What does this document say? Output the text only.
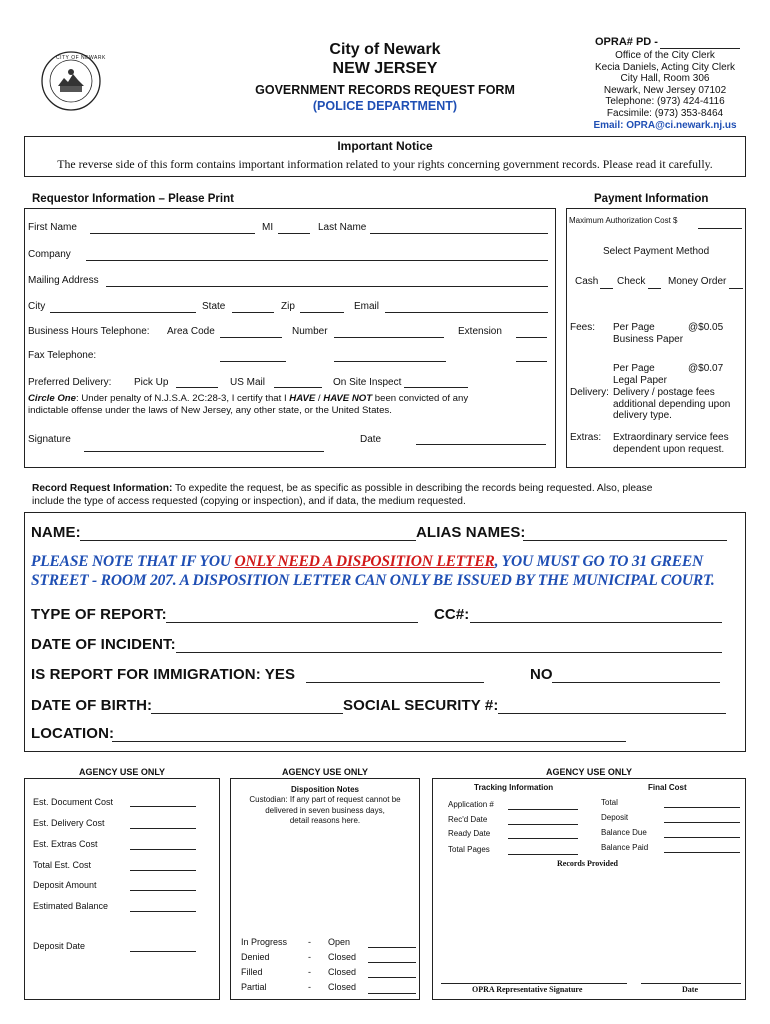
CITY OF NEWARK	City of Newark
NEW JERSEY
GOVERNMENT RECORDS REQUEST FORM
(POLICE DEPARTMENT)
OPRA# PD -
Office of the City Clerk
Kecia Daniels, Acting City Clerk
City Hall, Room 306
Newark, New Jersey 07102
Telephone: (973) 424-4116
Facsimile: (973) 353-8464
Email: OPRA@ci.newark.nj.us
Important Notice
The reverse side of this form contains important information related to your rights concerning government records. Please read it carefully.
Requestor Information – Please Print
First Name	MI	Last Name
Company
Mailing Address
City	State	Zip	Email
Business Hours Telephone: Area Code	Number	Extension
Fax Telephone:
Preferred Delivery: Pick Up	US Mail	On Site Inspect
Circle One: Under penalty of N.J.S.A. 2C:28-3, I certify that I HAVE / HAVE NOT been convicted of any
indictable offense under the laws of New Jersey, any other state, or the United States.
Signature	Date
Payment Information
Maximum Authorization Cost $
Select Payment Method
Cash Check Money Order
Fees: Per Page	@$0.05
Business Paper
Per Page	@$0.07
Legal Paper
Delivery: Delivery / postage fees
additional depending upon
delivery type.
Extras: Extraordinary service fees
dependent upon request.
Record Request Information: To expedite the request, be as specific as possible in describing the records being requested. Also, please
include the type of access requested (copying or inspection), and if data, the medium requested.
NAME:	ALIAS NAMES:
PLEASE NOTE THAT IF YOU ONLY NEED A DISPOSITION LETTER, YOU MUST GO TO 31 GREEN
STREET - ROOM 207. A DISPOSITION LETTER CAN ONLY BE ISSUED BY THE MUNICIPAL COURT.
TYPE OF REPORT:	CC#:
DATE OF INCIDENT:
IS REPORT FOR IMMIGRATION: YES	NO
DATE OF BIRTH:	SOCIAL SECURITY #:
LOCATION:
AGENCY USE ONLY
Est. Document Cost
Est. Delivery Cost
Est. Extras Cost
Total Est. Cost
Deposit Amount
Estimated Balance
Deposit Date
AGENCY USE ONLY
Disposition Notes
Custodian: If any part of request cannot be
delivered in seven business days,
detail reasons here.
In Progress - Open
Denied	- Closed
Filled	- Closed
Partial	- Closed
AGENCY USE ONLY
Tracking Information	Final Cost
Application #
Rec'd Date
Ready Date
Total Pages
Total
Deposit
Balance Due
Balance Paid
Records Provided
OPRA Representative Signature	Date
